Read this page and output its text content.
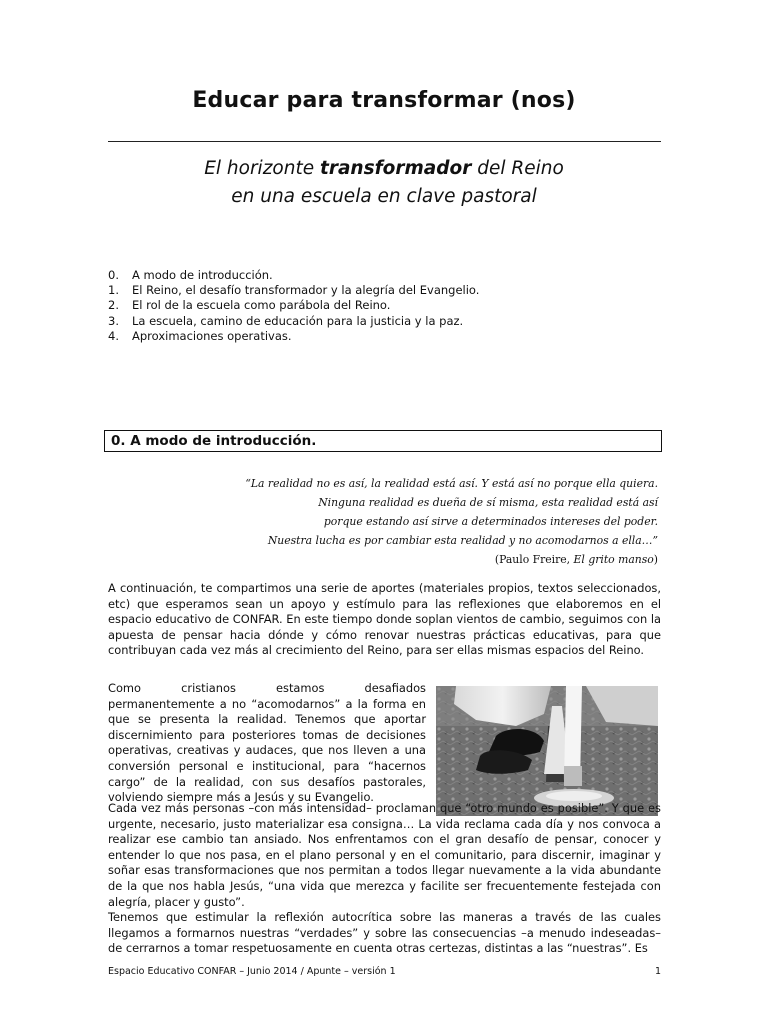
Educar para transformar (nos)
El horizonte transformador del Reino
en una escuela en clave pastoral
0.	A modo de introducción.
1.	El Reino, el desafío transformador y la alegría del Evangelio.
2.	El rol de la escuela como parábola del Reino.
3.	La escuela, camino de educación para la justicia y la paz.
4.	Aproximaciones operativas.
0. A modo de introducción.
“La realidad no es así, la realidad está así. Y está así no porque ella quiera.
Ninguna realidad es dueña de sí misma, esta realidad está así
porque estando así sirve a determinados intereses del poder.
Nuestra lucha es por cambiar esta realidad y no acomodarnos a ella…”
(Paulo Freire, El grito manso)

A continuación, te compartimos una serie de aportes (materiales propios, textos seleccionados, etc) que esperamos sean un apoyo y estímulo para las reflexiones que elaboremos en el espacio educativo de CONFAR. En este tiempo donde soplan vientos de cambio, seguimos con la apuesta de pensar hacia dónde y cómo renovar nuestras prácticas educativas, para que contribuyan cada vez más al crecimiento del Reino, para ser ellas mismas espacios del Reino.

Como cristianos estamos desafiados permanentemente a no “acomodarnos” a la forma en que se presenta la realidad. Tenemos que aportar discernimiento para posteriores tomas de decisiones operativas, creativas y audaces, que nos lleven a una conversión personal e institucional, para “hacernos cargo” de la realidad, con sus desafíos pastorales, volviendo siempre más a Jesús y su Evangelio.

Cada vez más personas –con más intensidad– proclaman que “otro mundo es posible”. Y que es urgente, necesario, justo materializar esa consigna… La vida reclama cada día y nos convoca a realizar ese cambio tan ansiado. Nos enfrentamos con el gran desafío de pensar, conocer y entender lo que nos pasa, en el plano personal y en el comunitario, para discernir, imaginar y soñar esas transformaciones que nos permitan a todos llegar nuevamente a la vida abundante de la que nos habla Jesús, “una vida que merezca y facilite ser frecuentemente festejada con alegría, placer y gusto”.

Tenemos que estimular la reflexión autocrítica sobre las maneras a través de las cuales llegamos a formarnos nuestras “verdades” y sobre las consecuencias –a menudo indeseadas– de cerrarnos a tomar respetuosamente en cuenta otras certezas, distintas a las “nuestras”. Es

Espacio Educativo CONFAR – Junio 2014 / Apunte – versión 1	1
